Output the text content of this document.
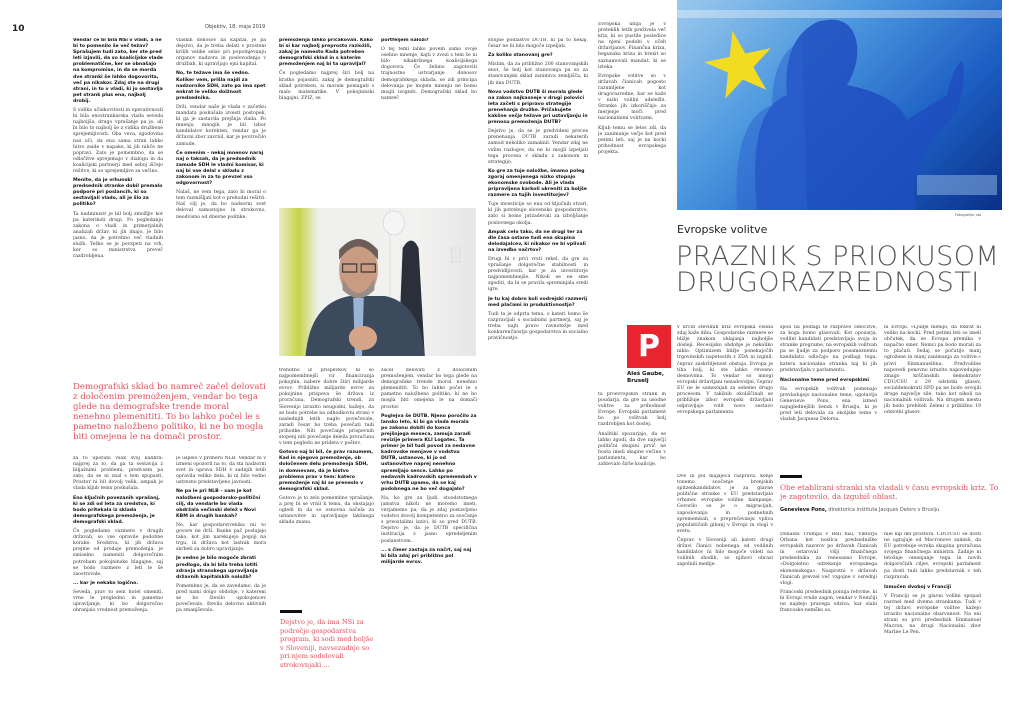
10	Objektiv, 18. maja 2019

Vendar če bi bila NSi v vladi, a ne bi to pomenilo še več težav? Sprašujem tudi zato, ker ste pred leti izjavili, da so koalicijske vlade problematične, ker se obnašajo na kompromise, in da se morda dve stranki še lahko dogovorita, več pa nikakor. Zdaj ste na drugi strani, in to v vladi, ki jo sestavlja pet strank plus ena, najbolj drobij.

S vidika učinkovitosti in operativnosti bi bila enostrankarska vlada seveda najboljša, drugo vprašanje pa je, ali bi bilo to najbolj še z vidika družbene sprejemljivosti. Oba veva, zgodovina nas uči, da ena sama stran lahko hitro zaide v napake, ki jih nihče ne popravi. Zato je pomembno, da se odločitve sprejemajo v dialogu in da koalicijski partnerji med seboj iščejo rešitve, ki so sprejemljive za večino.

Menite, da je vrhunski predsednik stranke dobil premalo podpore pri poslancih, ki so sestavljali vlado, ali je šlo za politiko?

Ta nadministr je bil bolj zmožljiv kot pa katerikoli drugi. Po pogledanju zakona o vladi in primerjalnih analizah držav, ki jih imajo, je bilo jasno, da je potrebno več vladnih služb. Težko se je povzpeti na vrh, ker so ministrstva preveč razdrobljena.

vlaskih donosov na kapital, je pa dejstvo, da je treba delati v prostem krilih velike selav pri popolnjevanju organov nadzora in poslovodenja v družbah, ki upravljajo ejni kapital.

No, te težave ima še vedno. Koliker vem, prišla najdi za nadzornike SDH, zato pa ima spet enkrat le veliko dolžnost predsednika.

Drži, vendar naše je vlada v začetku mandata poskušala izvesti postopek, ki ga je zastavila prejšnja vlada. Po mnenju mnogih je bil izbor kandidatov korekten, vendar ga je državni zbor zavrnil, kar je povzročilo zamude.

Če omenim – nekaj mnenov naraj naj o taksah, da je predsednik zamude SDH le vladni komisar, ki naj bi vse delal v skladu z zakonom in za to prevzel vso odgovornost?

Nalaš, ne vem tega, zato bi moral o tem razmišljati kot o prehodni rešitvi. Naš cilj je, da bo nadzorni svet deloval samostojno in strokovno, neodvisno od dnevne politike.

premoženja lahko pričakovali. Kako bi si kar najbolj preprosto razložili, zakaj je namesto Kada potreben demografski sklad in s katerim premoženjem naj bi ta upravljal?

Če pogledamo najprej širi bolj na kratko pojasniti, zakaj je demografski sklad potreben, si moram pomagati s malo matematike. V pokojninski blagajni, ZPIZ, se

portfeljem naloži?

O tej temi lahko povem samo svoje osebno mnenje, kajti v zvezi s tem še ni bilo nikakršnega koalicijskega dogovora. Če želimo zagotoviti trajnostno ustvarjanje donosov demografskega sklada, se zdi principa delovanja po mojem mnenju ne bomo mogli izogniti. Demografski sklad bo namreč

stoljne podlastvo DUTB, ni pa to nekaj, česar ne bi bilo mogoče izpeljati.

Za koliko stanovanj gre?

Mislim, da za približno 200 stanovanjskih enot, še bolj kot stanovanja pa so za stanovanjski sklad zanimiva zemljišča, ki jih ima DUTB.

Novo vodstvo DUTB ši morala glede na zakon najkasneje v drugi polovici leta začeti s pripravo strategije prenehanja družbe. Pričakujete kakšne večje težave pri ustavljanju in prenosu premoženja DUTB?

Dejstvo je, da se je predvideni proces prenehanja DUTB zaradi nekaterih zamud nekoliko zamaknil. Vendar zdaj ne vidim razlogov, da ne bi mogli izpeljati tega procesa v skladu z zakonom in strategijo.

Ko gre za tuje naložbe, imamo poleg zgoraj omenjenega nizko stopnjo ekonomske svobode. Ali je vlada pripravljena karkoli ukreniti za boljše razmere za tujih investitorjev?

Tuje investicije so ena od ključnih stvari, ki jih potrebuje slovensko gospodarstvo, zato si bomo prizadevali za izboljšanje poslovnega okolja.

Ampak celo tako, da ne drugi ter za dle časa ostane tudi ena skupina delodajalcev, ki nikakor ne bi vplivali na izvedbo načrtov?

Drugi bi v prvi vrsti rekel, da gre za vprašanje dolgoročne stabilnosti in predvidljivosti, kar je za investitorje najpomembnejše. Nikoli se ne sme zgoditi, da bi se pravila spreminjala sredi igre.

Je tu kaj dobro koli vodrejski razmerij med plačami in produktivnostjo?

Tudi ta je odprta tema, o kateri bomo še razpravljali s socialnimi partnerji, saj je treba najti pravo ravnotežje med konkurenčnostjo gospodarstva in socialno pravičnostjo.

Demografski sklad bo namreč začel delovati z določenim premoženjem, vendar bo tega glede na demografske trende moral nenehno plemenititi. To bo lahko počel le s pametno naložbeno politiko, ki ne bo mogla biti omejena le na domači prostor.

za to uporabi vsak svoj kalibra: najprej za to, da ga ta sestavija z biljažnimi problemi, predvsem pa zato, da se ni znal s tem spopasti. Prostor ni bil dovolj velik, ampak je vlada kljub temu poskušala.

Eno ključnih povezanih vprašanj, ki se zdi od leta za sredstva, ki bodo pritekala iz sklada demografskega premoženja, je demografski sklad.

Če pogledamo razmere v drugih državah, so vse opravile podobne korake. Sredstva, ki jih država prejme od prodaje premoženja, je smiselno nameniti dolgoročnim potrebam pokojninske blagajne, saj se bodo razmere z leti le še zaostrovale.

... kar je nekako logično.

Seveda, prav to sem hotel omeniti, vrne le pregledno in pametno upravljanje, ki bo dolgoročno ohranjalo vrednost premoženja.

je uspelo v primeru NLB. Vendar bi v izmeni opozoril na to, da sta nadzorni svet in uprava SDH v zadnjih letih opravila veliko dela, ki ni bilo vedno ustrezno predstavljeno javnosti.

Ne pa le pri NLB – sam je kot naložbeni gospodarsko-politični cilj, da vendarle bo vlada obdržala večinski delež v Novi KBM in drugih bankah?

Ne, kar gospodarstvenika mi to govore ne drži. Banke pač poslujejo tako, kot jim narekujejo pogoji na trgu, in država kot lastnik mora skrbeti za dobro upravljanje.

Je vedno je bilo mogoče zbrati predlogo, da bi bila treba lotiti zdravja stranskega upravljanja državnih kapitalskih naložb?

Pomembno je, da se zavedamo, da je pred nami dolgo obdobje, v katerem se bo število upokojencev povečevalo, število delovno aktivnih pa zmanjševalo.

trenutno iz prispevkov, ki so najpomembnejši vir financiranja pokojnin, nabere dobre štiri milijarde evrov. Približno milijardo evrov za pokojnine prispeva še država iz proračuna. Demografski trendi, za Slovenijo izrazito neugodni, kažejo, da se bodo potrebe na odhodkovni strani v naslednjih letih naglo povečevale, zaradi česar bo treba povečati tudi prihodke. Niti povečanje prispevnih stopenj niti povečanje deleža proračuna v tem pogledu ne pridetа v poštev.

Gotovo naj bi bil, če prav razumem, Kad in njegovo premoženje, ob določenem delu premoženja SDH, in domnevam, da je bistvo problema prav v tem: katero premoženje naj bi se preneslo v demografski sklad.

Gotovo je to zelo pomembno vprašanje, a prej bi se vrnil k temu, da obstajajo ogledi in da so osnovna načela za ustanovitev in upravljanje takšnega sklada znana.

začel delovati z določenim premoženjem, vendar bo tega glede na demografske trende moral nenehno plemenititi. To bo lahko počel le s pametno naložbeno politiko, ki ne bo mogla biti omejena le na domači prostor.

Poglejva še DUTB. Njeno poročilo za lansko leto, ki bi ga vlada morala po zakonu dobiti do konca prejšnjega meseca, zamuja zaradi revizije primera KLI Logatec. Ta primer je bil tudi povod za nedavne kadrovske menjave v vodstvu DUTB, ustanove, ki jo od ustanovitve naprej nenehno spremljajo sence. Lahko po nedavnih kadrovskih spremembah v vrhu DUTB upamo, da se kaj podobnega ne bo več dogajalo?

Na, ko gre za ljudi, stoodstotnega jamstva nikoli ne moremo imeti, verjamemo pa, da je zdaj postavljeno vodstvo dovolj kompetentno za soočanje s preostalimi izzivi, ki so pred DUTB. Dejstvo je, da je DUTB specifična institucija z jasno opredeljenim poslanstvom.

... s čimer zastaja za načrt, saj naj bi bila zdaj pri približno pol milijarde evrov.

Dejstvo je, da ima NSi za področje gospodarstva program, ki sodi med boljše v Sloveniji, navsezadnje so pri njem sodelovali strokovnjaki ...
Fotografija: sta
Evropske volitve
PRAZNIK S PRIOKUSOM
DRUGORAZREDNOSTI

Evropska unija je v preteklih letih preživela več kriz, ki so pustile posledice na njeni podobi v očeh državljanov. Finančna kriza, begunska kriza in brexit so zaznamovali mandat, ki se izteka.

Evropske volitve so v državah članicah pogosto razumljene kot drugorazredne, kar se kaže v nizki volilni udeležbi. Stranke jih izkoriščajo za merjenje moči pred nacionalnimi volitvami.

Kljub temu se letos zdi, da je zanimanje večje kot pred petimi leti, saj je na kocki prihodnost evropskega projekta.

P
Aleš Gaube, Bruselj

ta proevropskih strank in poudarja, da gre za usodne volitve za prihodnost Evrope. Evropski parlament bo po volitvah bolj razdrobljen kot doslej.

Analitiki opozarjajo, da se lahko zgodi, da dve največji politični skupini prvič ne bosta imeli skupne večine v parlamentu, kar bo zahtevalo širše koalicije.

v krčih številnih kriz evropska celina zdaj kaže dihu. Gospodarske razmere so bližje znakom ohlajanja najboljše dosleji. Recesijsko obdobje je nekoliko niklo. Optimizem bližje ponekajočih trgovinskih napetostih z ZDA ni izginil, čeprav zaskrbljenost obstaja. Evropa je tiha bolj, ki ste lahko revesno desnovima. To vendar so mnogi evropski državljani nezadovoljni, čeprav EU ne le sameznjak za sebemo drugo procesom. V takšnih okoliščinah se približuje izbor evropski državljani odpravljajo volit novo sestavo evropskega parlamenta.

spoli na podlagi te razprave odločitve, za koga bomo glasovali. Kot opozarja, vodilni kandidati predstavljajo svoja in stranke programe, na evropskih volitvah pa se ljudje za podporo posameznemu kandidatu odločajo na podlagi tega, katera nacionalna stranka naj bi jih predstavljala v parlamentu.

Nacionalne teme pred evropskimi

Na evropskih volitvah pomenajo prevladujejo nacionalne teme, ugotavlja Genevieve Pons, ena izmed najuglednejših žensk v Bruslju, ki je pred leti delovala za okoljske teme v vladah Jacquesa Delorsa.

ni Evropi. »Ljudje menijo, da tokrat ni veliko na kocki. Pred petimi leti so imeli občutek, da se Evropa premika v napačno smer. Nemci pa bodo morali za to plačati. Sedaj se počutijo manj ogrožene in manj zanimanja za volitve,« pravi Emmanuellina. Predvolilne napovedi ponovno izrazito napovedujejo zmago krščanskih demokratov CDU/CSU z 29 odstotki glasov, socialdemokrati SPD pa ne bodo osvojili druge največje sile, tako kot nikoli na nacionalnih volitvah. Na drugem mestu jih bodo prehiteli Zeleni z približno 19 odstotki glasov.

Dve in pol majaječa razprava, kenje tonemo soočenje brenjskih spitzenkandidatov, je za glavne politične stranke v EU predstavljala vrhunec evropske volilne kampanje. Govorilo se je o migracijah, zaposlovanju in podnebnih spremembah, o preprečevanju vpliva populističnih gibanj v Evropi in vlogi v svetu.

Čeprav v Sloveniji ali kateri drugi državi članici nobenega od vodilnih kandidatov ni bilo mogoče videti na volilnih shodih, so njihovi obrazi zapolnili medije.

Obe etablirani stranki sta vladali v času evropskih kriz. To je zagotovilo, da izgubiš oblast.
Genevieve Pons, direktorica inštituta Jacques Delors v Bruslju

Donalda Trumpa v Beli hiši, Viktorja Orbana kot nosilca predsedniške evropskih nazorov po državah članicah in ostaroval višji finančnega predsednika za renesanso Evrope, »Dolgoletno odrekanje evropskega ekonomskega«. Nasprotni v državah članicah prevzel več vzgojne v osrednji vlogi.

Francoski predsednik ponuja reforme, ki bi Evropi vrnile zagon, vendar v Nemčiji ne najdejo pravega odziva, kar slabi francosko-nemško os.

nile kip del prostora. CDU/CSU se dosti ne ugrajuje od Macronove zamisli, da EU potrebuje evrska skupina proračuna svojega finančnega ministra. Zadnje ni letošnje omenjanje tega in novih dolgoročnih ciljev, evropski parlament pa dosti tudi lahko predstavnik v teh razpravah.

Izmučen dvoboj v Franciji

V Franciji se je glavni volilni spopad razvnel med dvema strankama. Tudi v tej državi evropske volitve kažejo izrazito nacionalno obarvanost. Na eni strani so prvi predsednik Emmanuel Macron, na drugi Nacionalni zbor Marine Le Pen.
